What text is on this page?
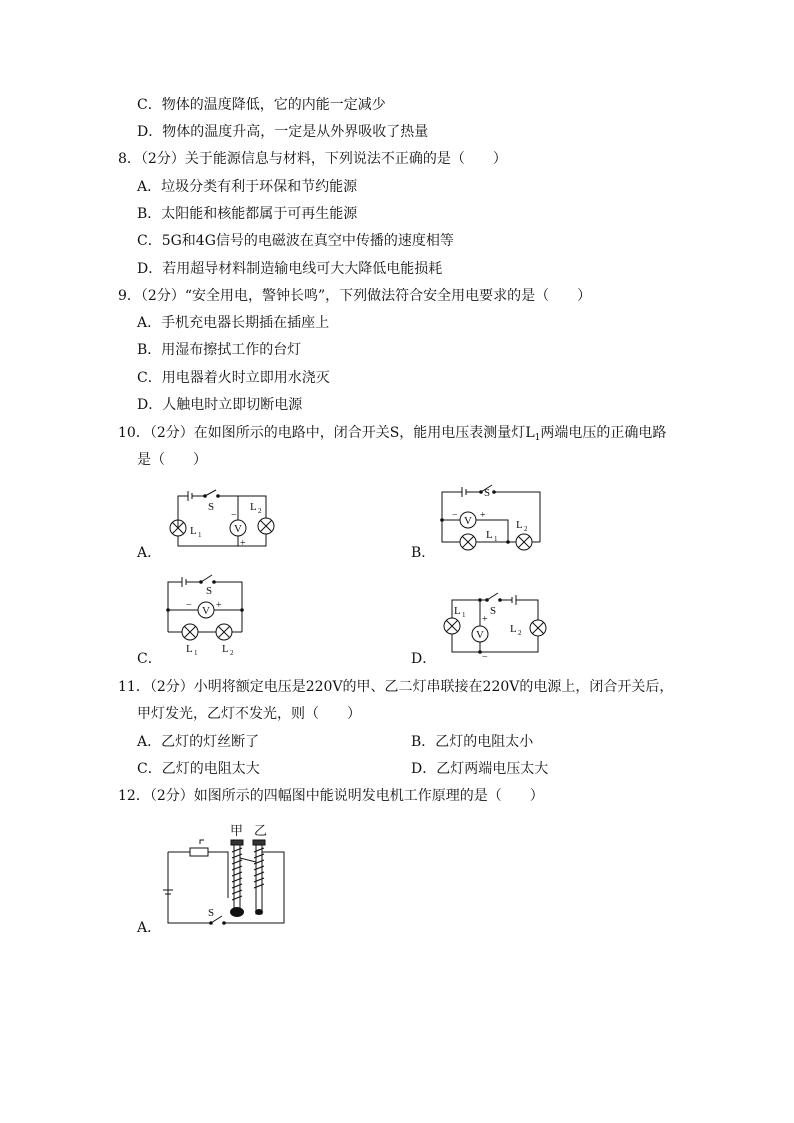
C．物体的温度降低，它的内能一定减少
D．物体的温度升高，一定是从外界吸收了热量
8．（2分）关于能源信息与材料，下列说法不正确的是（　　）
A．垃圾分类有利于环保和节约能源
B．太阳能和核能都属于可再生能源
C．5G和4G信号的电磁波在真空中传播的速度相等
D．若用超导材料制造输电线可大大降低电能损耗
9．（2分）“安全用电，警钟长鸣”，下列做法符合安全用电要求的是（　　）
A．手机充电器长期插在插座上
B．用湿布擦拭工作的台灯
C．用电器着火时立即用水浇灭
D．人触电时立即切断电源
10．（2分）在如图所示的电路中，闭合开关S，能用电压表测量灯$L_1$两端电压的正确电路
是（　　）
S
V
L 1
L 2
−
+
A．
S
V
− +
L 1
L 2
B．
S
V
− +
L 1 L 2
C．
S
V
+
−
L 1
L 2
D．
11．（2分）小明将额定电压是220V的甲、乙二灯串联接在220V的电源上，闭合开关后，
甲灯发光，乙灯不发光，则（　　）
A．乙灯的灯丝断了	B．乙灯的电阻太小
C．乙灯的电阻太大	D．乙灯两端电压太大
12．（2分）如图所示的四幅图中能说明发电机工作原理的是（　　）
甲 乙
S
A．
